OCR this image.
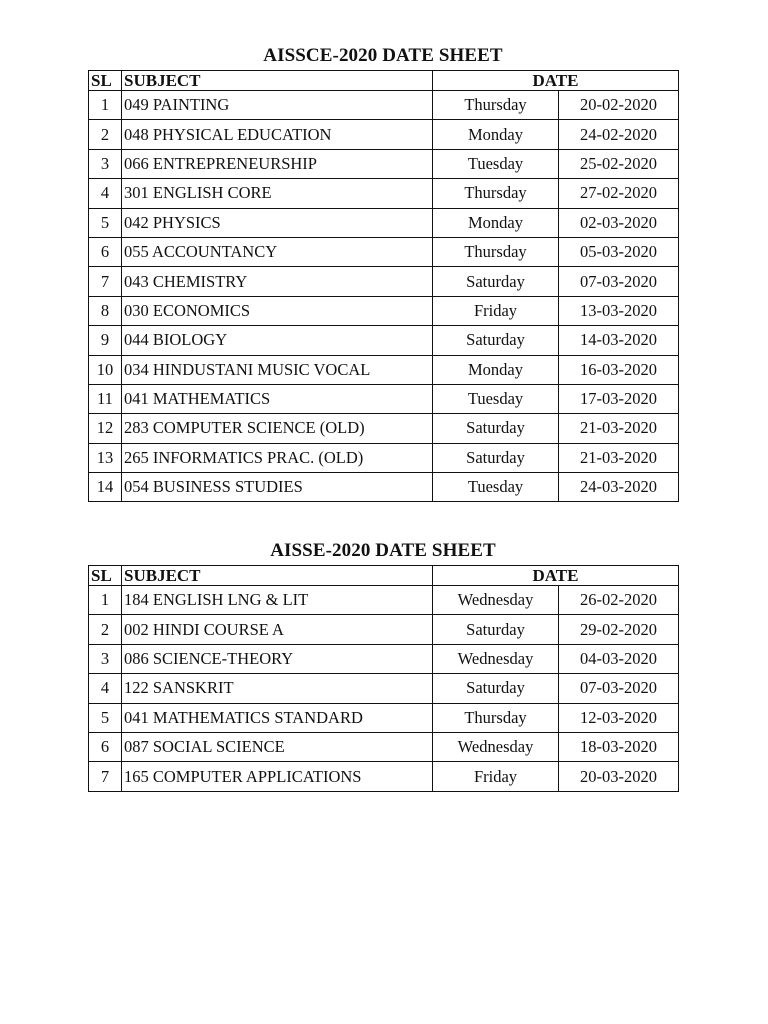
AISSCE-2020 DATE SHEET
SL	SUBJECT	DATE	
1	049 PAINTING	Thursday	20-02-2020
2	048 PHYSICAL EDUCATION	Monday	24-02-2020
3	066 ENTREPRENEURSHIP	Tuesday	25-02-2020
4	301 ENGLISH CORE	Thursday	27-02-2020
5	042 PHYSICS	Monday	02-03-2020
6	055 ACCOUNTANCY	Thursday	05-03-2020
7	043 CHEMISTRY	Saturday	07-03-2020
8	030 ECONOMICS	Friday	13-03-2020
9	044 BIOLOGY	Saturday	14-03-2020
10	034 HINDUSTANI MUSIC VOCAL	Monday	16-03-2020
11	041 MATHEMATICS	Tuesday	17-03-2020
12	283 COMPUTER SCIENCE (OLD)	Saturday	21-03-2020
13	265 INFORMATICS PRAC. (OLD)	Saturday	21-03-2020
14	054 BUSINESS STUDIES	Tuesday	24-03-2020
AISSE-2020 DATE SHEET
SL	SUBJECT	DATE	
1	184 ENGLISH LNG & LIT	Wednesday	26-02-2020
2	002 HINDI COURSE A	Saturday	29-02-2020
3	086 SCIENCE-THEORY	Wednesday	04-03-2020
4	122 SANSKRIT	Saturday	07-03-2020
5	041 MATHEMATICS STANDARD	Thursday	12-03-2020
6	087 SOCIAL SCIENCE	Wednesday	18-03-2020
7	165 COMPUTER APPLICATIONS	Friday	20-03-2020
